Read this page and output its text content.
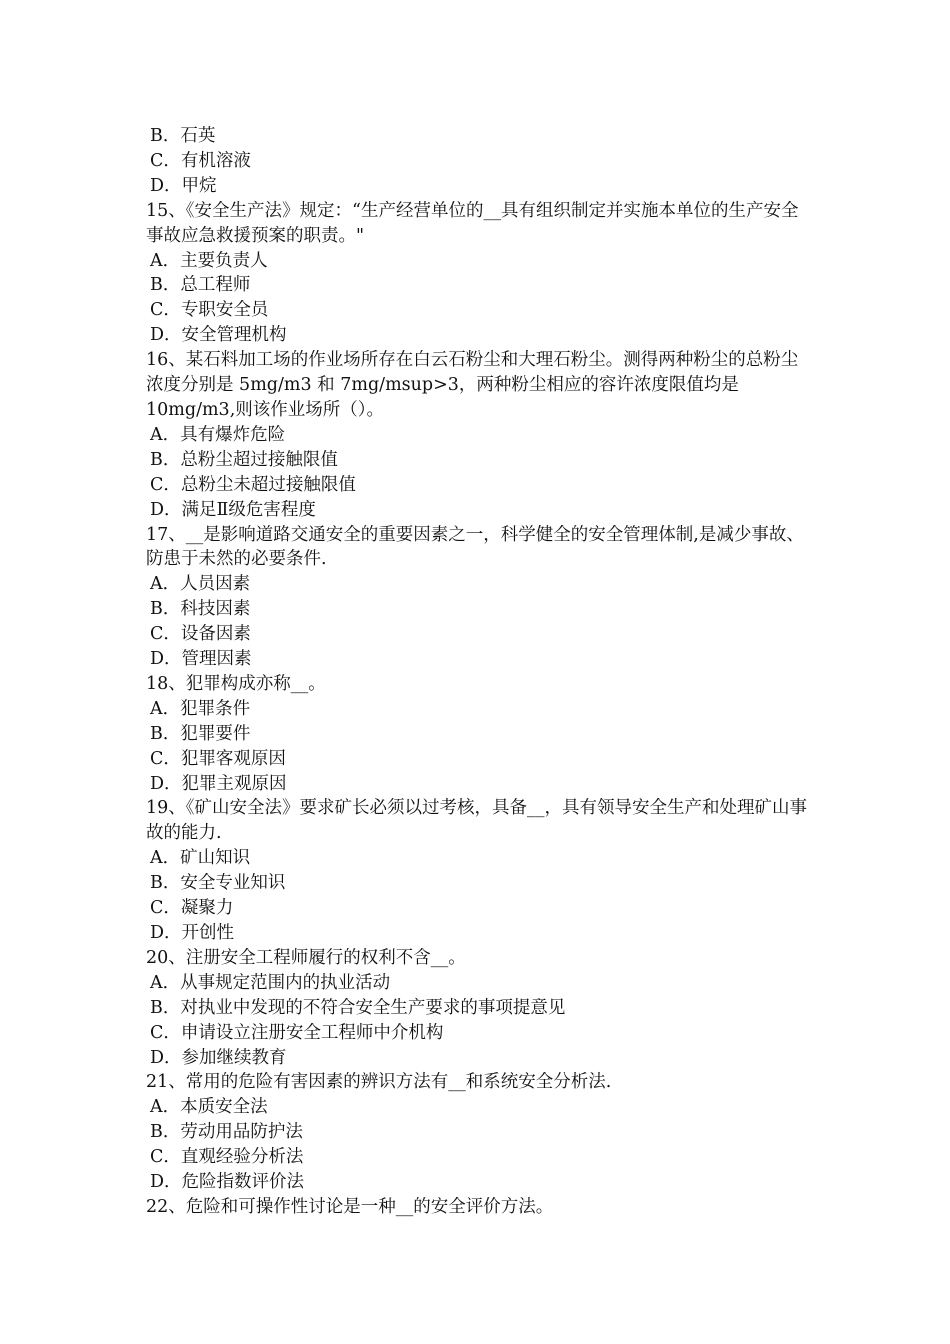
B．石英
C．有机溶液
D．甲烷
15、《安全生产法》规定：“生产经营单位的__具有组织制定并实施本单位的生产安全事故应急救援预案的职责。"
A．主要负责人
B．总工程师
C．专职安全员
D．安全管理机构
16、某石料加工场的作业场所存在白云石粉尘和大理石粉尘。测得两种粉尘的总粉尘浓度分别是 5mg/m3 和 7mg/msup>3，两种粉尘相应的容许浓度限值均是 10mg/m3,则该作业场所（）。
A．具有爆炸危险
B．总粉尘超过接触限值
C．总粉尘未超过接触限值
D．满足Ⅱ级危害程度
17、__是影响道路交通安全的重要因素之一，科学健全的安全管理体制,是减少事故、防患于未然的必要条件.
A．人员因素
B．科技因素
C．设备因素
D．管理因素
18、犯罪构成亦称__。
A．犯罪条件
B．犯罪要件
C．犯罪客观原因
D．犯罪主观原因
19、《矿山安全法》要求矿长必须以过考核，具备__，具有领导安全生产和处理矿山事故的能力.
A．矿山知识
B．安全专业知识
C．凝聚力
D．开创性
20、注册安全工程师履行的权利不含__。
A．从事规定范围内的执业活动
B．对执业中发现的不符合安全生产要求的事项提意见
C．申请设立注册安全工程师中介机构
D．参加继续教育
21、常用的危险有害因素的辨识方法有__和系统安全分析法.
A．本质安全法
B．劳动用品防护法
C．直观经验分析法
D．危险指数评价法
22、危险和可操作性讨论是一种__的安全评价方法。
